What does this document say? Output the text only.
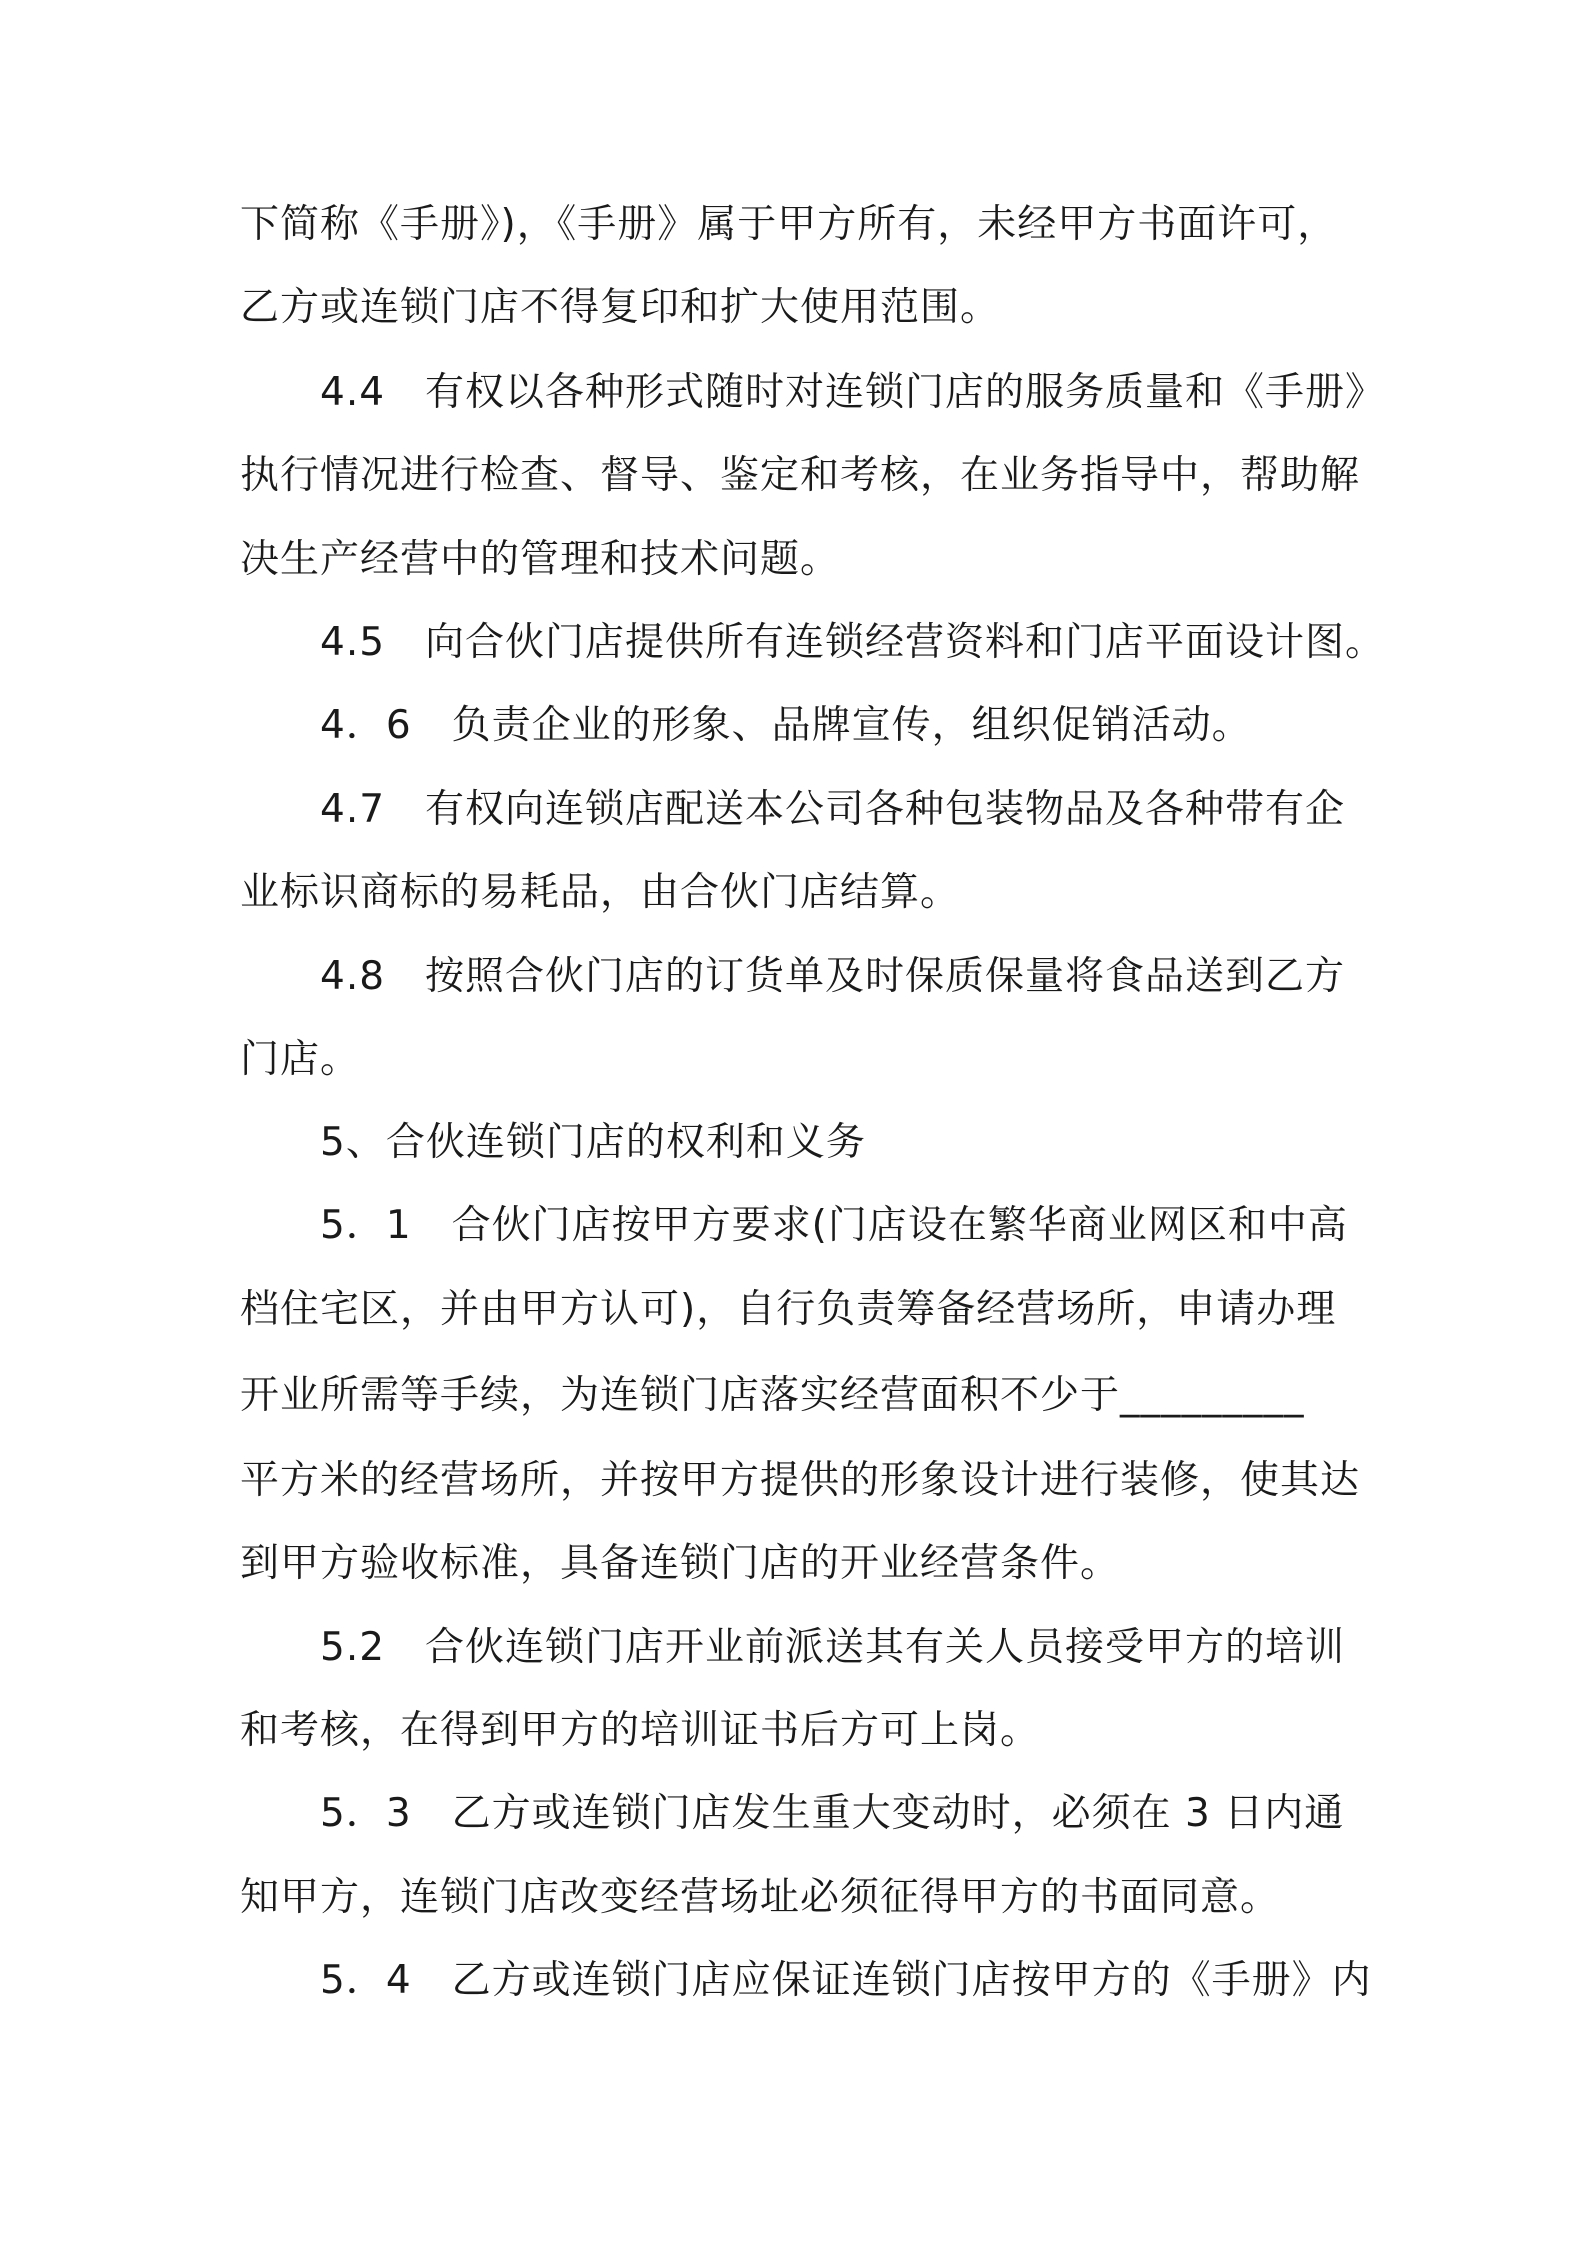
下简称《手册》)，《手册》属于甲方所有，未经甲方书面许可，
乙方或连锁门店不得复印和扩大使用范围。
4.4　有权以各种形式随时对连锁门店的服务质量和《手册》
执行情况进行检查、督导、鉴定和考核，在业务指导中，帮助解
决生产经营中的管理和技术问题。
4.5　向合伙门店提供所有连锁经营资料和门店平面设计图。
4．6　负责企业的形象、品牌宣传，组织促销活动。
4.7　有权向连锁店配送本公司各种包装物品及各种带有企
业标识商标的易耗品，由合伙门店结算。
4.8　按照合伙门店的订货单及时保质保量将食品送到乙方
门店。
5、合伙连锁门店的权利和义务
5．1　合伙门店按甲方要求(门店设在繁华商业网区和中高
档住宅区，并由甲方认可)，自行负责筹备经营场所，申请办理
开业所需等手续，为连锁门店落实经营面积不少于_________
平方米的经营场所，并按甲方提供的形象设计进行装修，使其达
到甲方验收标准，具备连锁门店的开业经营条件。
5.2　合伙连锁门店开业前派送其有关人员接受甲方的培训
和考核，在得到甲方的培训证书后方可上岗。
5．3　乙方或连锁门店发生重大变动时，必须在 3 日内通
知甲方，连锁门店改变经营场址必须征得甲方的书面同意。
5．4　乙方或连锁门店应保证连锁门店按甲方的《手册》内
